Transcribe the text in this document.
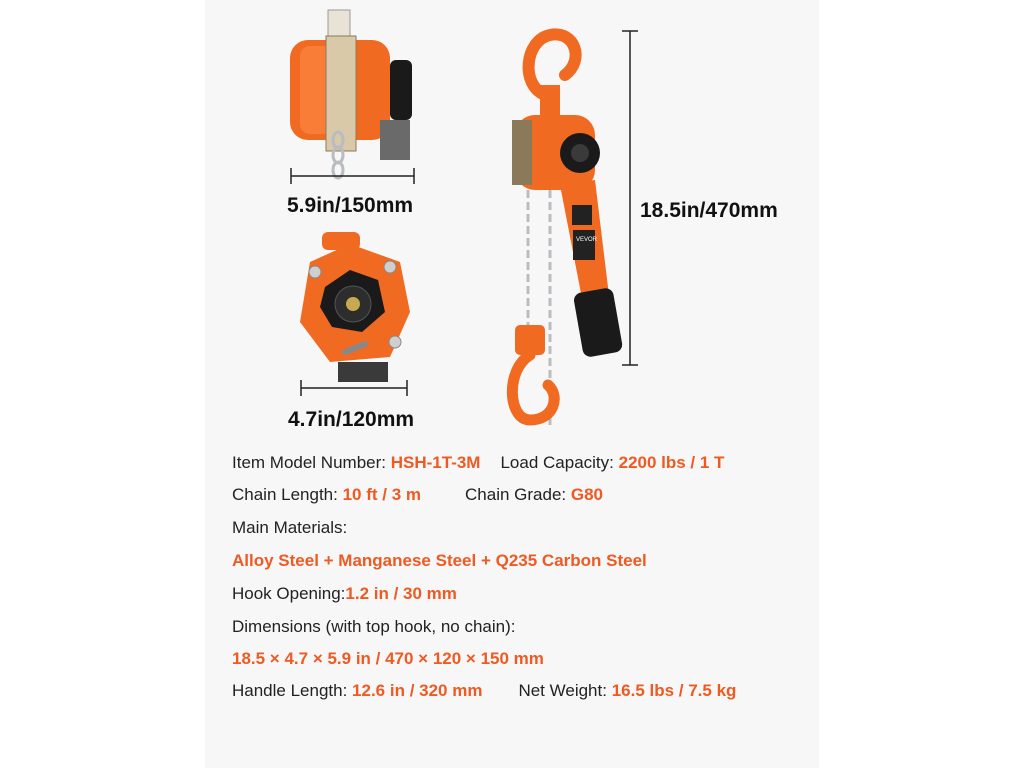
5.9in/150mm
4.7in/120mm
VEVOR
18.5in/470mm
Item Model Number: HSH-1T-3M Load Capacity: 2200 lbs / 1 T
Chain Length: 10 ft / 3 m	Chain Grade: G80
Main Materials:
Alloy Steel + Manganese Steel + Q235 Carbon Steel
Hook Opening:1.2 in / 30 mm
Dimensions (with top hook, no chain):
18.5 × 4.7 × 5.9 in / 470 × 120 × 150 mm
Handle Length: 12.6 in / 320 mm Net Weight: 16.5 lbs / 7.5 kg
